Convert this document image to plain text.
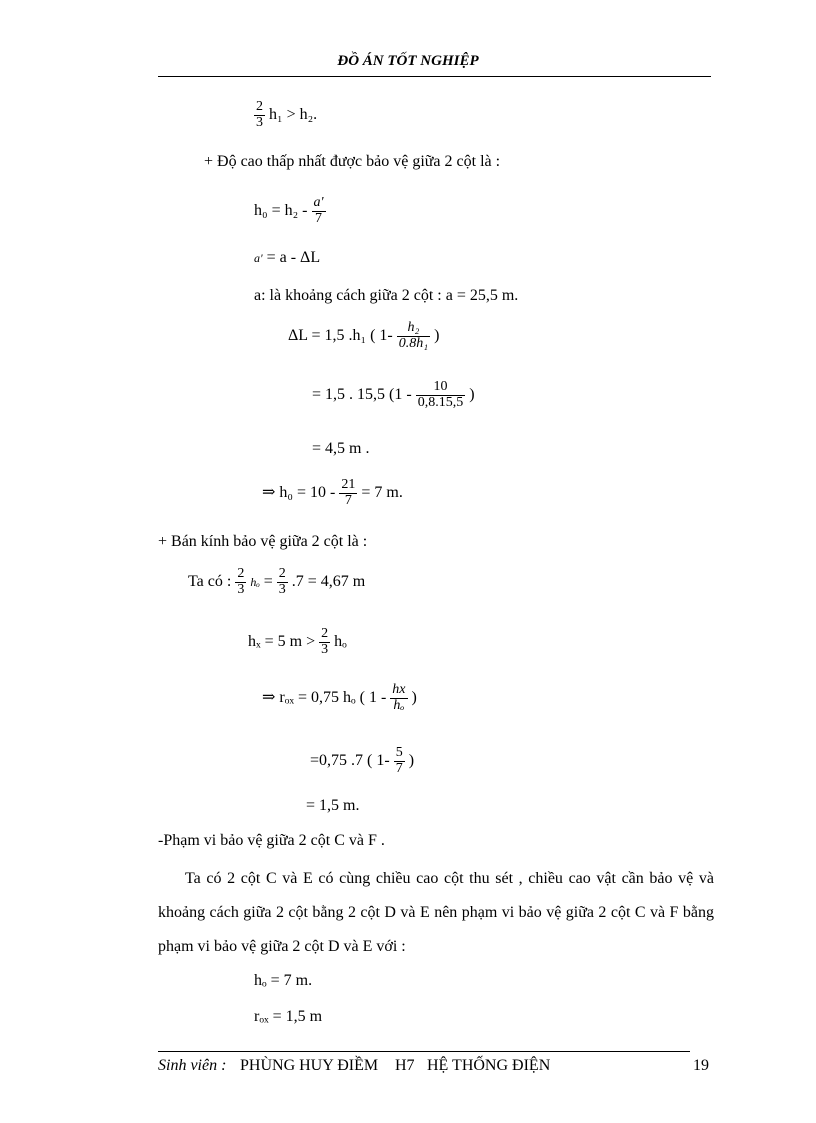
ĐỒ ÁN TỐT NGHIỆP
$\frac{2}{3} h_1 > h_2$.
+ Độ cao thấp nhất được bảo vệ giữa 2 cột là :
$h_0 = h_2 - \frac{a'}{7}$
a' = a - ΔL
a: là khoảng cách giữa 2 cột : a = 25,5 m.
ΔL = 1,5 .h₁ ( $1- \frac{\text{h₂}}{\text{0.8h₁}}$ )
= 1,5 . 15,5 ($1 - \frac{10}{0,8.15,5}$ )
= 4,5 m .
⇒ $h_0 = 10 - \frac{21}{7} = 7$ m.
+ Bán kính bảo vệ giữa 2 cột là :
Ta có : $\frac{2}{3}$ $h_o = \frac{2}{3} .7 = 4,67$ m
hₓ = 5 $m > \frac{2}{3}$ hₒ
⇒ rₒₓ = 0,75 hₒ ( $1 - \frac{hx}{\text{hₒ}}$ )
=0,75 .7 ( $1- \frac{5}{7}$ )
= 1,5 m.
-Phạm vi bảo vệ giữa 2 cột C và F .
Ta có 2 cột C và E có cùng chiều cao cột thu sét , chiều cao vật cần bảo vệ và khoảng cách giữa 2 cột bằng 2 cột D và E nên phạm vi bảo vệ giữa 2 cột C và F bằng phạm vi bảo vệ giữa 2 cột D và E với :
hₒ = 7 m.
rₒₓ = 1,5 m
Sinh viên : PHÙNG HUY ĐIỀM H7 HỆ THỐNG ĐIỆN	19
